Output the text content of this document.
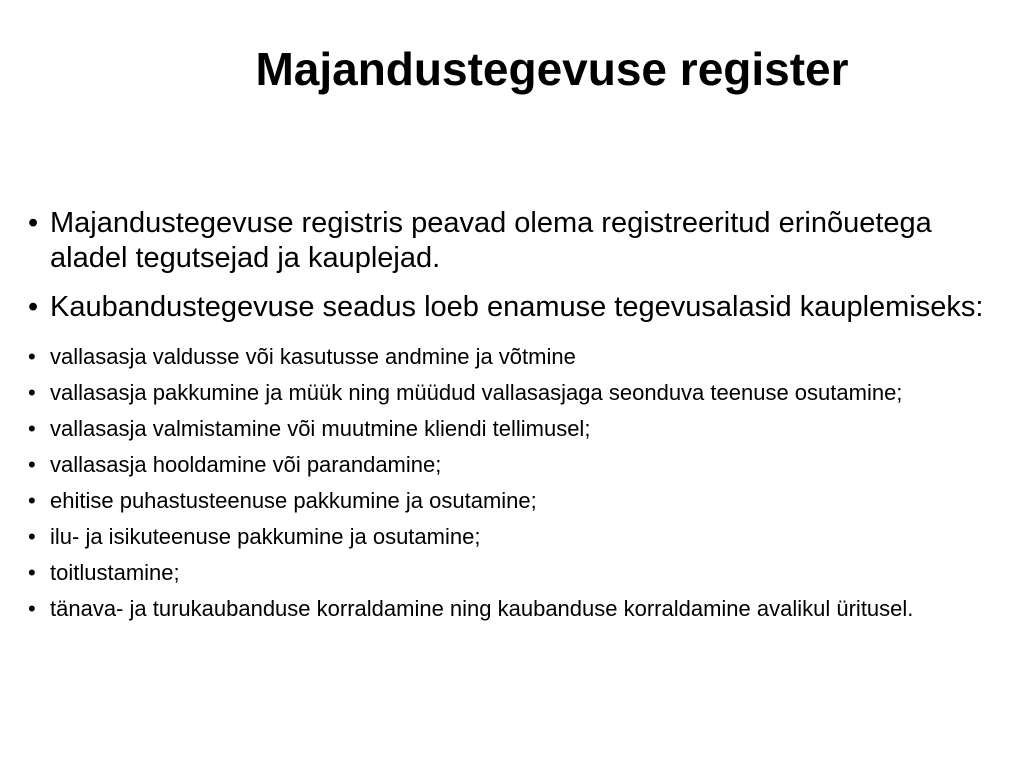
Majandustegevuse register
• Majandustegevuse registris peavad olema registreeritud erinõuetega aladel tegutsejad ja kauplejad.
• Kaubandustegevuse seadus loeb enamuse tegevusalasid kauplemiseks:
• vallasasja valdusse või kasutusse andmine ja võtmine
• vallasasja pakkumine ja müük ning müüdud vallasasjaga seonduva teenuse osutamine;
• vallasasja valmistamine või muutmine kliendi tellimusel;
• vallasasja hooldamine või parandamine;
• ehitise puhastusteenuse pakkumine ja osutamine;
• ilu- ja isikuteenuse pakkumine ja osutamine;
• toitlustamine;
• tänava- ja turukaubanduse korraldamine ning kaubanduse korraldamine avalikul üritusel.
